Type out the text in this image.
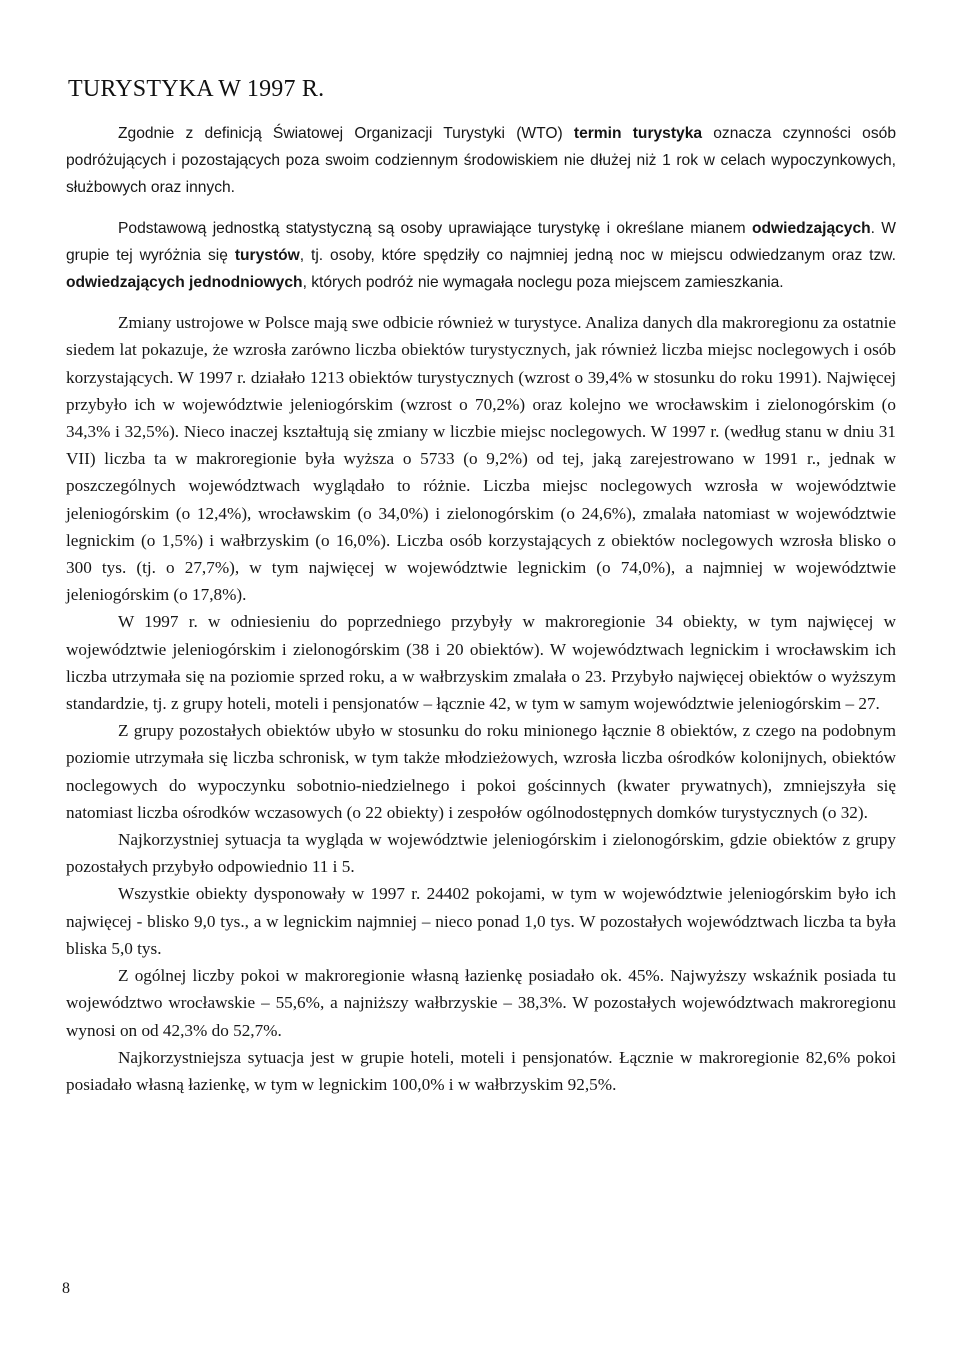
TURYSTYKA W 1997 R.

Zgodnie z definicją Światowej Organizacji Turystyki (WTO) termin turystyka oznacza czynności osób podróżujących i pozostających poza swoim codziennym środowiskiem nie dłużej niż 1 rok w celach wypoczynkowych, służbowych oraz innych.

Podstawową jednostką statystyczną są osoby uprawiające turystykę i określane mianem odwiedzających. W grupie tej wyróżnia się turystów, tj. osoby, które spędziły co najmniej jedną noc w miejscu odwiedzanym oraz tzw. odwiedzających jednodniowych, których podróż nie wymagała noclegu poza miejscem zamieszkania.

Zmiany ustrojowe w Polsce mają swe odbicie również w turystyce. Analiza danych dla makroregionu za ostatnie siedem lat pokazuje, że wzrosła zarówno liczba obiektów turystycznych, jak również liczba miejsc noclegowych i osób korzystających. W 1997 r. działało 1213 obiektów turystycznych (wzrost o 39,4% w stosunku do roku 1991). Najwięcej przybyło ich w województwie jeleniogórskim (wzrost o 70,2%) oraz kolejno we wrocławskim i zielonogórskim (o 34,3% i 32,5%). Nieco inaczej kształtują się zmiany w liczbie miejsc noclegowych. W 1997 r. (według stanu w dniu 31 VII) liczba ta w makroregionie była wyższa o 5733 (o 9,2%) od tej, jaką zarejestrowano w 1991 r., jednak w poszczególnych województwach wyglądało to różnie. Liczba miejsc noclegowych wzrosła w województwie jeleniogórskim (o 12,4%), wrocławskim (o 34,0%) i zielonogórskim (o 24,6%), zmalała natomiast w województwie legnickim (o 1,5%) i wałbrzyskim (o 16,0%). Liczba osób korzystających z obiektów noclegowych wzrosła blisko o 300 tys. (tj. o 27,7%), w tym najwięcej w województwie legnickim (o 74,0%), a najmniej w województwie jeleniogórskim (o 17,8%).

W 1997 r. w odniesieniu do poprzedniego przybyły w makroregionie 34 obiekty, w tym najwięcej w województwie jeleniogórskim i zielonogórskim (38 i 20 obiektów). W województwach legnickim i wrocławskim ich liczba utrzymała się na poziomie sprzed roku, a w wałbrzyskim zmalała o 23. Przybyło najwięcej obiektów o wyższym standardzie, tj. z grupy hoteli, moteli i pensjonatów – łącznie 42, w tym w samym województwie jeleniogórskim – 27.

Z grupy pozostałych obiektów ubyło w stosunku do roku minionego łącznie 8 obiektów, z czego na podobnym poziomie utrzymała się liczba schronisk, w tym także młodzieżowych, wzrosła liczba ośrodków kolonijnych, obiektów noclegowych do wypoczynku sobotnio-niedzielnego i pokoi gościnnych (kwater prywatnych), zmniejszyła się natomiast liczba ośrodków wczasowych (o 22 obiekty) i zespołów ogólnodostępnych domków turystycznych (o 32).

Najkorzystniej sytuacja ta wygląda w województwie jeleniogórskim i zielonogórskim, gdzie obiektów z grupy pozostałych przybyło odpowiednio 11 i 5.

Wszystkie obiekty dysponowały w 1997 r. 24402 pokojami, w tym w województwie jeleniogórskim było ich najwięcej - blisko 9,0 tys., a w legnickim najmniej – nieco ponad 1,0 tys. W pozostałych województwach liczba ta była bliska 5,0 tys.

Z ogólnej liczby pokoi w makroregionie własną łazienkę posiadało ok. 45%. Najwyższy wskaźnik posiada tu województwo wrocławskie – 55,6%, a najniższy wałbrzyskie – 38,3%. W pozostałych województwach makroregionu wynosi on od 42,3% do 52,7%.

Najkorzystniejsza sytuacja jest w grupie hoteli, moteli i pensjonatów. Łącznie w makroregionie 82,6% pokoi posiadało własną łazienkę, w tym w legnickim 100,0% i w wałbrzyskim 92,5%.

8
